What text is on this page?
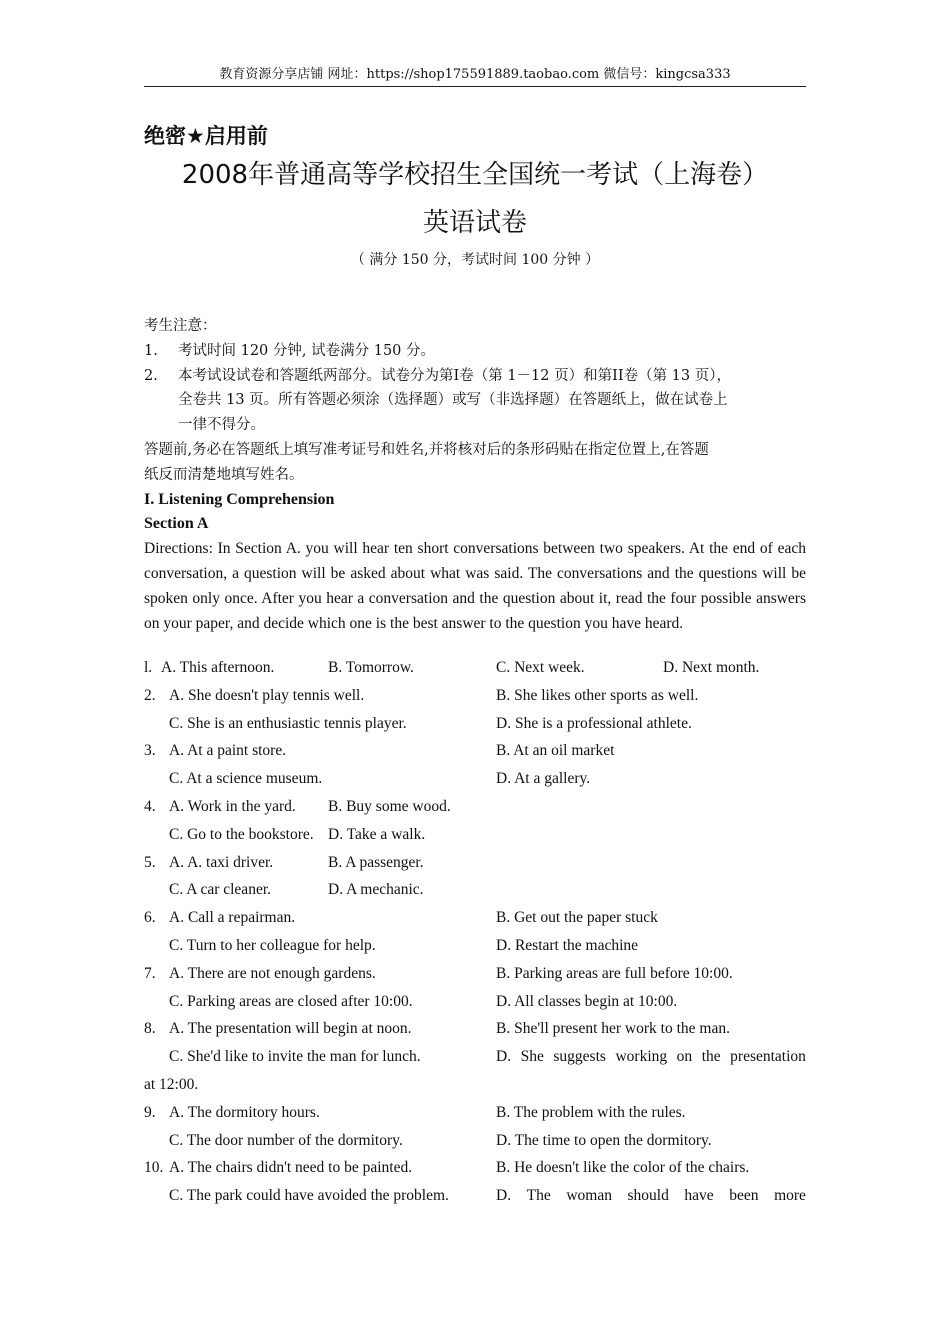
教育资源分享店铺 网址：https://shop175591889.taobao.com 微信号：kingcsa333
绝密★启用前
2008年普通高等学校招生全国统一考试（上海卷）
英语试卷
（ 满分 150 分，考试时间 100 分钟 ）
考生注意：
1. 考试时间 120 分钟, 试卷满分 150 分。
2. 本考试设试卷和答题纸两部分。试卷分为第I卷（第 1－12 页）和第II卷（第 13 页），
全卷共 13 页。所有答题必须涂（选择题）或写（非选择题）在答题纸上，做在试卷上
一律不得分。
答题前,务必在答题纸上填写准考证号和姓名,并将核对后的条形码贴在指定位置上,在答题
纸反而清楚地填写姓名。
I. Listening Comprehension
Section A
Directions: In Section A. you will hear ten short conversations between two speakers. At the end of each conversation, a question will be asked about what was said. The conversations and the questions will be spoken only once. After you hear a conversation and the question about it, read the four possible answers on your paper, and decide which one is the best answer to the question you have heard.
l. A. This afternoon.	B. Tomorrow.	C. Next week.	D. Next month.
2. A. She doesn't play tennis well.	B. She likes other sports as well.
C. She is an enthusiastic tennis player.	D. She is a professional athlete.
3. A. At a paint store.	B. At an oil market
C. At a science museum.	D. At a gallery.
4. A. Work in the yard. B. Buy some wood.
C. Go to the bookstore. D. Take a walk.
5. A. A. taxi driver.	B. A passenger.
C. A car cleaner.	D. A mechanic.
6. A. Call a repairman.	B. Get out the paper stuck
C. Turn to her colleague for help.	D. Restart the machine
7. A. There are not enough gardens.	B. Parking areas are full before 10:00.
C. Parking areas are closed after 10:00.	D. All classes begin at 10:00.
8. A. The presentation will begin at noon.	B. She'll present her work to the man.
C. She'd like to invite the man for lunch.	D. She suggests working on the presentation
at 12:00.
9. A. The dormitory hours.	B. The problem with the rules.
C. The door number of the dormitory.	D. The time to open the dormitory.
10. A. The chairs didn't need to be painted.	B. He doesn't like the color of the chairs.
C. The park could have avoided the problem.	D. The woman should have been more
